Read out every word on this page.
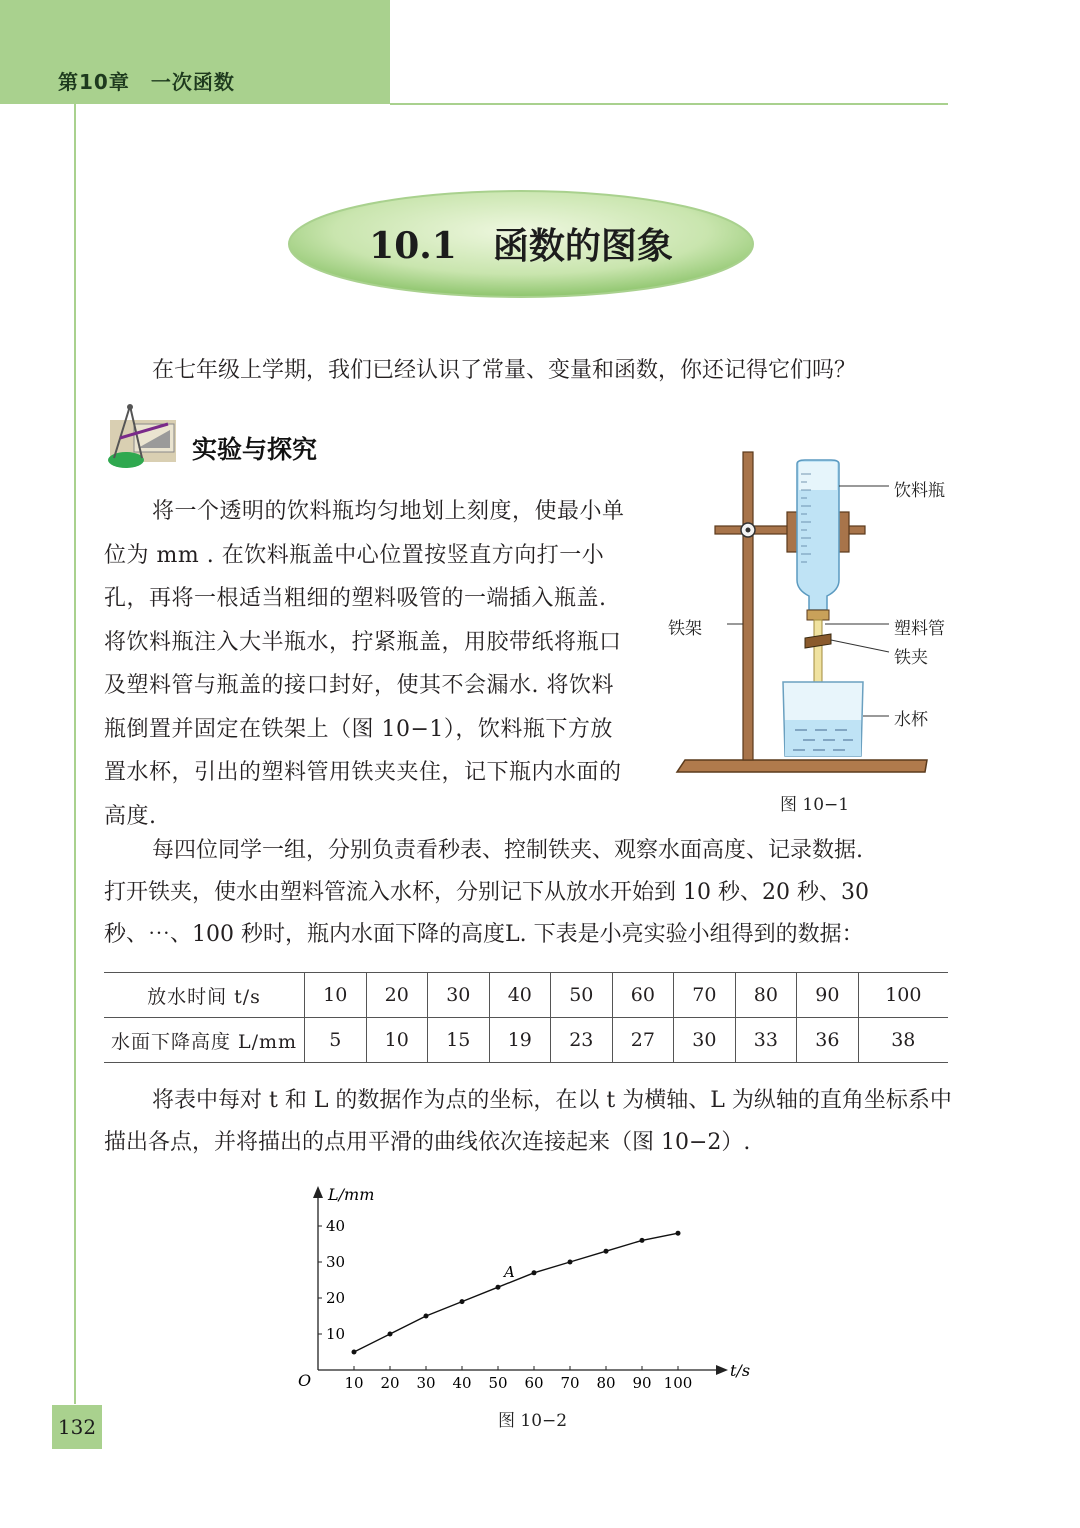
第10章　一次函数
10.1　函数的图象

在七年级上学期，我们已经认识了常量、变量和函数，你还记得它们吗？

实验与探究

将一个透明的饮料瓶均匀地划上刻度，使最小单位为 mm . 在饮料瓶盖中心位置按竖直方向打一小孔，再将一根适当粗细的塑料吸管的一端插入瓶盖. 将饮料瓶注入大半瓶水，拧紧瓶盖，用胶带纸将瓶口及塑料管与瓶盖的接口封好，使其不会漏水. 将饮料瓶倒置并固定在铁架上（图 10−1），饮料瓶下方放置水杯，引出的塑料管用铁夹夹住，记下瓶内水面的高度.

饮料瓶
铁架	塑料管
铁夹
水杯
图 10−1

每四位同学一组，分别负责看秒表、控制铁夹、观察水面高度、记录数据.
打开铁夹，使水由塑料管流入水杯，分别记下从放水开始到 10 秒、20 秒、30 秒、⋯、100 秒时，瓶内水面下降的高度L. 下表是小亮实验小组得到的数据：

放水时间 t/s	10	20	30	40	50	60	70	80	90	100
水面下降高度 L/mm	5	10	15	19	23	27	30	33	36	38

将表中每对 t 和 L 的数据作为点的坐标，在以 t 为横轴、L 为纵轴的直角坐标系中描出各点，并将描出的点用平滑的曲线依次连接起来（图 10−2）.

t/s
L/mm
O 10 20 30 40 50 60 70 80 90 100
10
20
30
40
A
图 10−2
132
